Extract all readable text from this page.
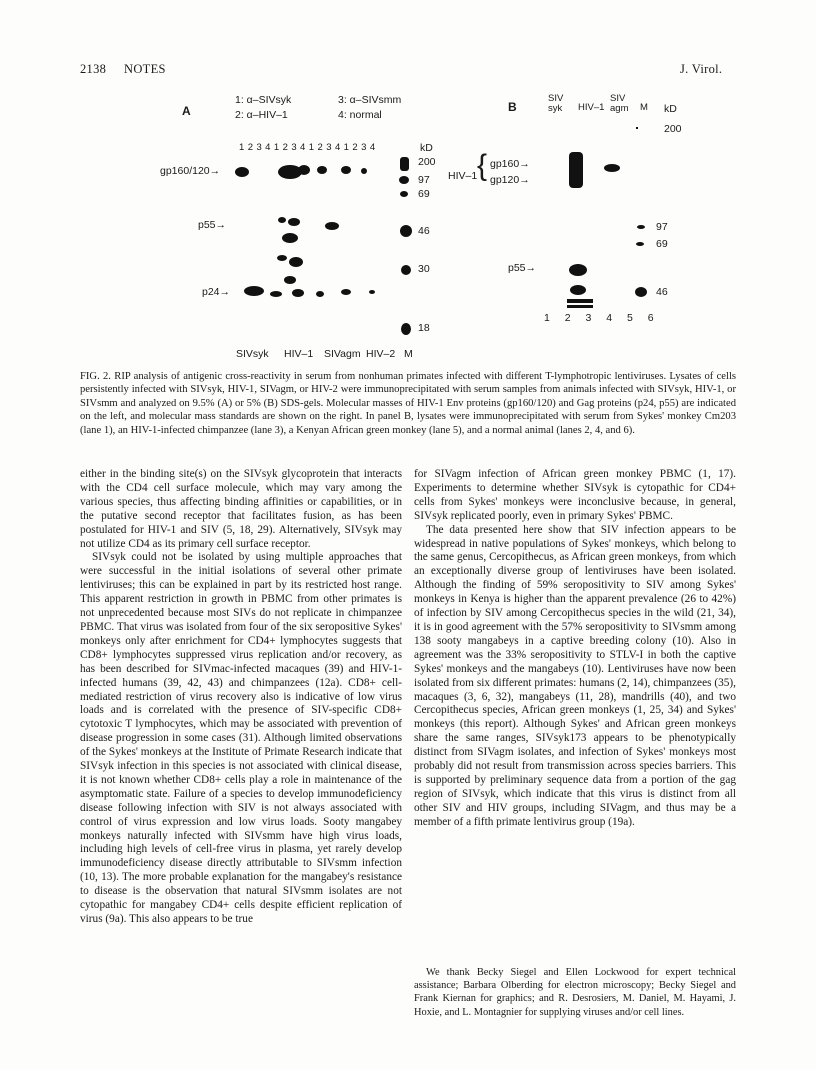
2138 NOTES	J. Virol.
A
1: α–SIVsyk
2: α–HIV–1
3: α–SIVsmm
4: normal
1 2 3 4 1 2 3 4 1 2 3 4 1 2 3 4	kD
200
97
69
46
30
18
gp160/120→
p55→
p24→
SIVsyk HIV–1 SIVagm HIV–2 M
B
SIV syk	HIV–1
SIV agm	M kD
200
97
69
46
HIV–1 { gp160→
gp120→
p55→
1 2 3 4 5 6
FIG. 2. RIP analysis of antigenic cross-reactivity in serum from nonhuman primates infected with different T-lymphotropic lentiviruses. Lysates of cells persistently infected with SIVsyk, HIV-1, SIVagm, or HIV-2 were immunoprecipitated with serum samples from animals infected with SIVsyk, HIV-1, or SIVsmm and analyzed on 9.5% (A) or 5% (B) SDS-gels. Molecular masses of HIV-1 Env proteins (gp160/120) and Gag proteins (p24, p55) are indicated on the left, and molecular mass standards are shown on the right. In panel B, lysates were immunoprecipitated with serum from Sykes' monkey Cm203 (lane 1), an HIV-1-infected chimpanzee (lane 3), a Kenyan African green monkey (lane 5), and a normal animal (lanes 2, 4, and 6).

either in the binding site(s) on the SIVsyk glycoprotein that interacts with the CD4 cell surface molecule, which may vary among the various species, thus affecting binding affinities or capabilities, or in the putative second receptor that facilitates fusion, as has been postulated for HIV-1 and SIV (5, 18, 29). Alternatively, SIVsyk may not utilize CD4 as its primary cell surface receptor.

SIVsyk could not be isolated by using multiple approaches that were successful in the initial isolations of several other primate lentiviruses; this can be explained in part by its restricted host range. This apparent restriction in growth in PBMC from other primates is not unprecedented because most SIVs do not replicate in chimpanzee PBMC. That virus was isolated from four of the six seropositive Sykes' monkeys only after enrichment for CD4+ lymphocytes suggests that CD8+ lymphocytes suppressed virus replication and/or recovery, as has been described for SIVmac-infected macaques (39) and HIV-1-infected humans (39, 42, 43) and chimpanzees (12a). CD8+ cell-mediated restriction of virus recovery also is indicative of low virus loads and is correlated with the presence of SIV-specific CD8+ cytotoxic T lymphocytes, which may be associated with prevention of disease progression in some cases (31). Although limited observations of the Sykes' monkeys at the Institute of Primate Research indicate that SIVsyk infection in this species is not associated with clinical disease, it is not known whether CD8+ cells play a role in maintenance of the asymptomatic state. Failure of a species to develop immunodeficiency disease following infection with SIV is not always associated with control of virus expression and low virus loads. Sooty mangabey monkeys naturally infected with SIVsmm have high virus loads, including high levels of cell-free virus in plasma, yet rarely develop immunodeficiency disease directly attributable to SIVsmm infection (10, 13). The more probable explanation for the mangabey's resistance to disease is the observation that natural SIVsmm isolates are not cytopathic for mangabey CD4+ cells despite efficient replication of virus (9a). This also appears to be true

for SIVagm infection of African green monkey PBMC (1, 17). Experiments to determine whether SIVsyk is cytopathic for CD4+ cells from Sykes' monkeys were inconclusive because, in general, SIVsyk replicated poorly, even in primary Sykes' PBMC.

The data presented here show that SIV infection appears to be widespread in native populations of Sykes' monkeys, which belong to the same genus, Cercopithecus, as African green monkeys, from which an exceptionally diverse group of lentiviruses have been isolated. Although the finding of 59% seropositivity to SIV among Sykes' monkeys in Kenya is higher than the apparent prevalence (26 to 42%) of infection by SIV among Cercopithecus species in the wild (21, 34), it is in good agreement with the 57% seropositivity to SIVsmm among 138 sooty mangabeys in a captive breeding colony (10). Also in agreement was the 33% seropositivity to STLV-I in both the captive Sykes' monkeys and the mangabeys (10). Lentiviruses have now been isolated from six different primates: humans (2, 14), chimpanzees (35), macaques (3, 6, 32), mangabeys (11, 28), mandrills (40), and two Cercopithecus species, African green monkeys (1, 25, 34) and Sykes' monkeys (this report). Although Sykes' and African green monkeys share the same ranges, SIVsyk173 appears to be phenotypically distinct from SIVagm isolates, and infection of Sykes' monkeys most probably did not result from transmission across species barriers. This is supported by preliminary sequence data from a portion of the gag region of SIVsyk, which indicate that this virus is distinct from all other SIV and HIV groups, including SIVagm, and thus may be a member of a fifth primate lentivirus group (19a).

We thank Becky Siegel and Ellen Lockwood for expert technical assistance; Barbara Olberding for electron microscopy; Becky Siegel and Frank Kiernan for graphics; and R. Desrosiers, M. Daniel, M. Hayami, J. Hoxie, and L. Montagnier for supplying viruses and/or cell lines.
